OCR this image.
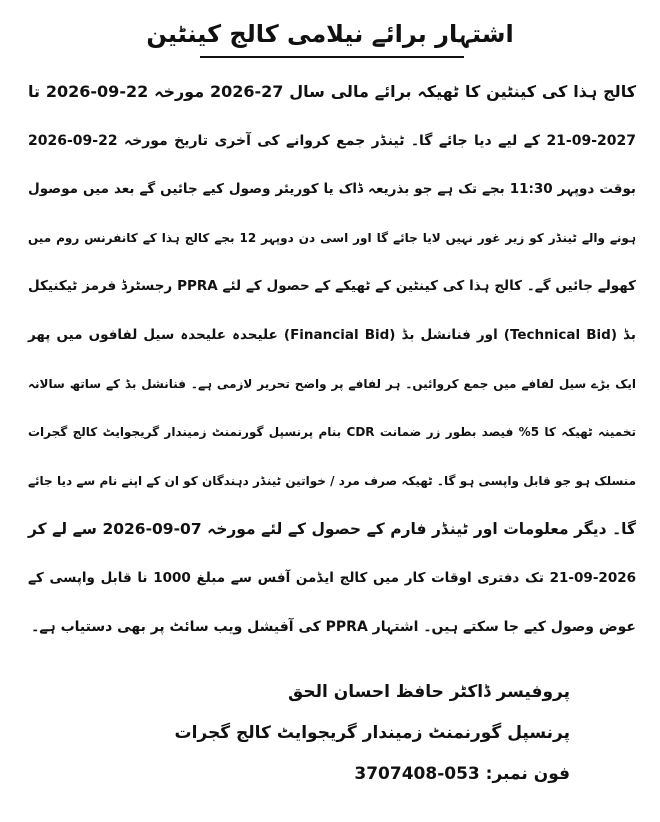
اشتہار برائے نیلامی کالج کینٹین
کالج ہذا کی کینٹین کا ٹھیکہ برائے مالی سال 27-2026 مورخہ 22-09-2026 تا
21-09-2027 کے لیے دیا جائے گا۔ ٹینڈر جمع کروانے کی آخری تاریخ مورخہ 22-09-2026
بوقت دوپہر 11:30 بجے تک ہے جو بذریعہ ڈاک یا کوریئر وصول کیے جائیں گے بعد میں موصول
ہونے والے ٹینڈر کو زیر غور نہیں لایا جائے گا اور اسی دن دوپہر 12 بجے کالج ہذا کے کانفرنس روم میں
کھولے جائیں گے۔ کالج ہذا کی کینٹین کے ٹھیکے کے حصول کے لئے PPRA رجسٹرڈ فرمز ٹیکنیکل
بڈ (Technical Bid) اور فنانشل بڈ (Financial Bid) علیحدہ علیحدہ سیل لفافوں میں پھر
ایک بڑے سیل لفافے میں جمع کروائیں۔ ہر لفافے پر واضح تحریر لازمی ہے۔ فنانشل بڈ کے ساتھ سالانہ
تخمینہ ٹھیکہ کا 5% فیصد بطور زر ضمانت CDR بنام پرنسپل گورنمنٹ زمیندار گریجوایٹ کالج گجرات
منسلک ہو جو قابل واپسی ہو گا۔ ٹھیکہ صرف مرد / خواتین ٹینڈر دہندگان کو ان کے اپنے نام سے دیا جائے
گا۔ دیگر معلومات اور ٹینڈر فارم کے حصول کے لئے مورخہ 07-09-2026 سے لے کر
21-09-2026 تک دفتری اوقات کار میں کالج ایڈمن آفس سے مبلغ 1000 نا قابل واپسی کے
عوض وصول کیے جا سکتے ہیں۔ اشتہار PPRA کی آفیشل ویب سائٹ پر بھی دستیاب ہے۔
پروفیسر ڈاکٹر حافظ احسان الحق
پرنسپل گورنمنٹ زمیندار گریجوایٹ کالج گجرات
فون نمبر: 053-3707408
